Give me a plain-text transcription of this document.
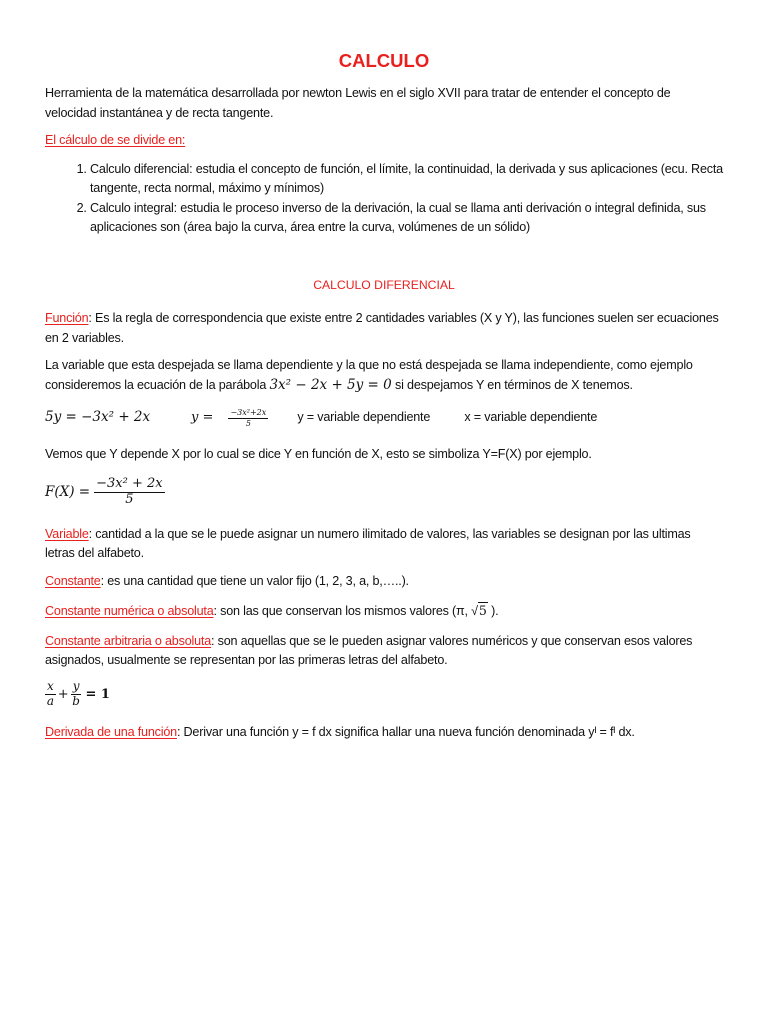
CALCULO

Herramienta de la matemática desarrollada por newton Lewis en el siglo XVII para tratar de entender el concepto de velocidad instantánea y de recta tangente.

El cálculo de se divide en:

1. Calculo diferencial: estudia el concepto de función, el límite, la continuidad, la derivada y sus aplicaciones (ecu. Recta tangente, recta normal, máximo y mínimos)
2. Calculo integral: estudia le proceso inverso de la derivación, la cual se llama anti derivación o integral definida, sus aplicaciones son (área bajo la curva, área entre la curva, volúmenes de un sólido)
CALCULO DIFERENCIAL

Función: Es la regla de correspondencia que existe entre 2 cantidades variables (X y Y), las funciones suelen ser ecuaciones en 2 variables.

La variable que esta despejada se llama dependiente y la que no está despejada se llama independiente, como ejemplo consideremos la ecuación de la parábola 3x² − 2x + 5y = 0 si despejamos Y en términos de X tenemos.

5y = −3x² + 2x	$y = \frac{\text{−3x²+2x}}{5}$ y = variable dependiente	x = variable dependiente

Vemos que Y depende X por lo cual se dice Y en función de X, esto se simboliza Y=F(X) por ejemplo.

$F(X) = \frac{\text{−3x² + 2x}}{5}$

Variable: cantidad a la que se le puede asignar un numero ilimitado de valores, las variables se designan por las ultimas letras del alfabeto.

Constante: es una cantidad que tiene un valor fijo (1, 2, 3, a, b,…..).

Constante numérica o absoluta: son las que conservan los mismos valores (π, √5 ).

Constante arbitraria o absoluta: son aquellas que se le pueden asignar valores numéricos y que conservan esos valores asignados, usualmente se representan por las primeras letras del alfabeto.

$\frac{x}{a} + \frac{y}{b} = 1$

Derivada de una función: Derivar una función y = f dx significa hallar una nueva función denominada yᴵ = fᴵ dx.
